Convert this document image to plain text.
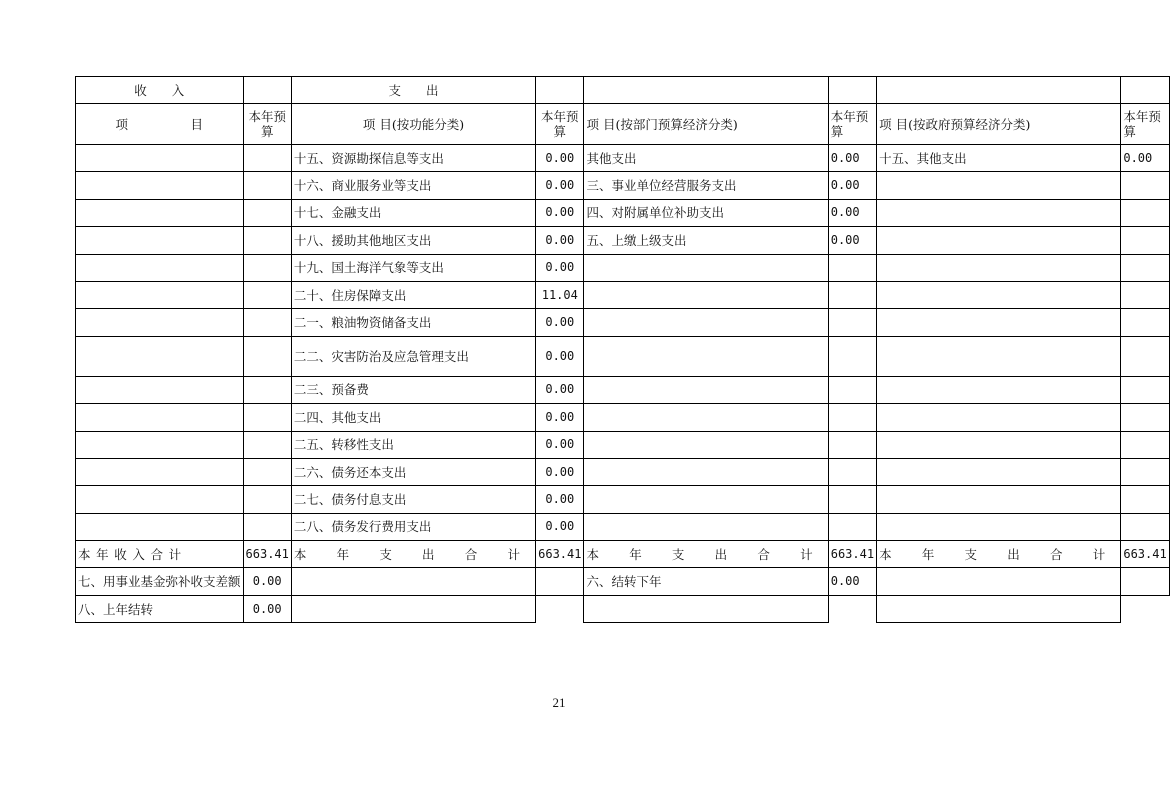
收　　入		支　　出					
项　　　　　目	本年预算	项 目(按功能分类)	本年预算	项 目(按部门预算经济分类)	本年预算	项 目(按政府预算经济分类)	本年预算
		十五、资源勘探信息等支出	0.00	其他支出	0.00	十五、其他支出	0.00
		十六、商业服务业等支出	0.00	三、事业单位经营服务支出	0.00		
		十七、金融支出	0.00	四、对附属单位补助支出	0.00		
		十八、援助其他地区支出	0.00	五、上缴上级支出	0.00		
		十九、国土海洋气象等支出	0.00				
		二十、住房保障支出	11.04				
		二一、粮油物资储备支出	0.00				
		二二、灾害防治及应急管理支出	0.00				
		二三、预备费	0.00				
		二四、其他支出	0.00				
		二五、转移性支出	0.00				
		二六、债务还本支出	0.00				
		二七、债务付息支出	0.00				
		二八、债务发行费用支出	0.00				
本年收入合计	663.41	本 年 支 出 合 计	663.41	本 年 支 出 合 计	663.41	本 年 支 出 合 计	663.41
七、用事业基金弥补收支差额	0.00			六、结转下年	0.00		
八、上年结转	0.00						
21
